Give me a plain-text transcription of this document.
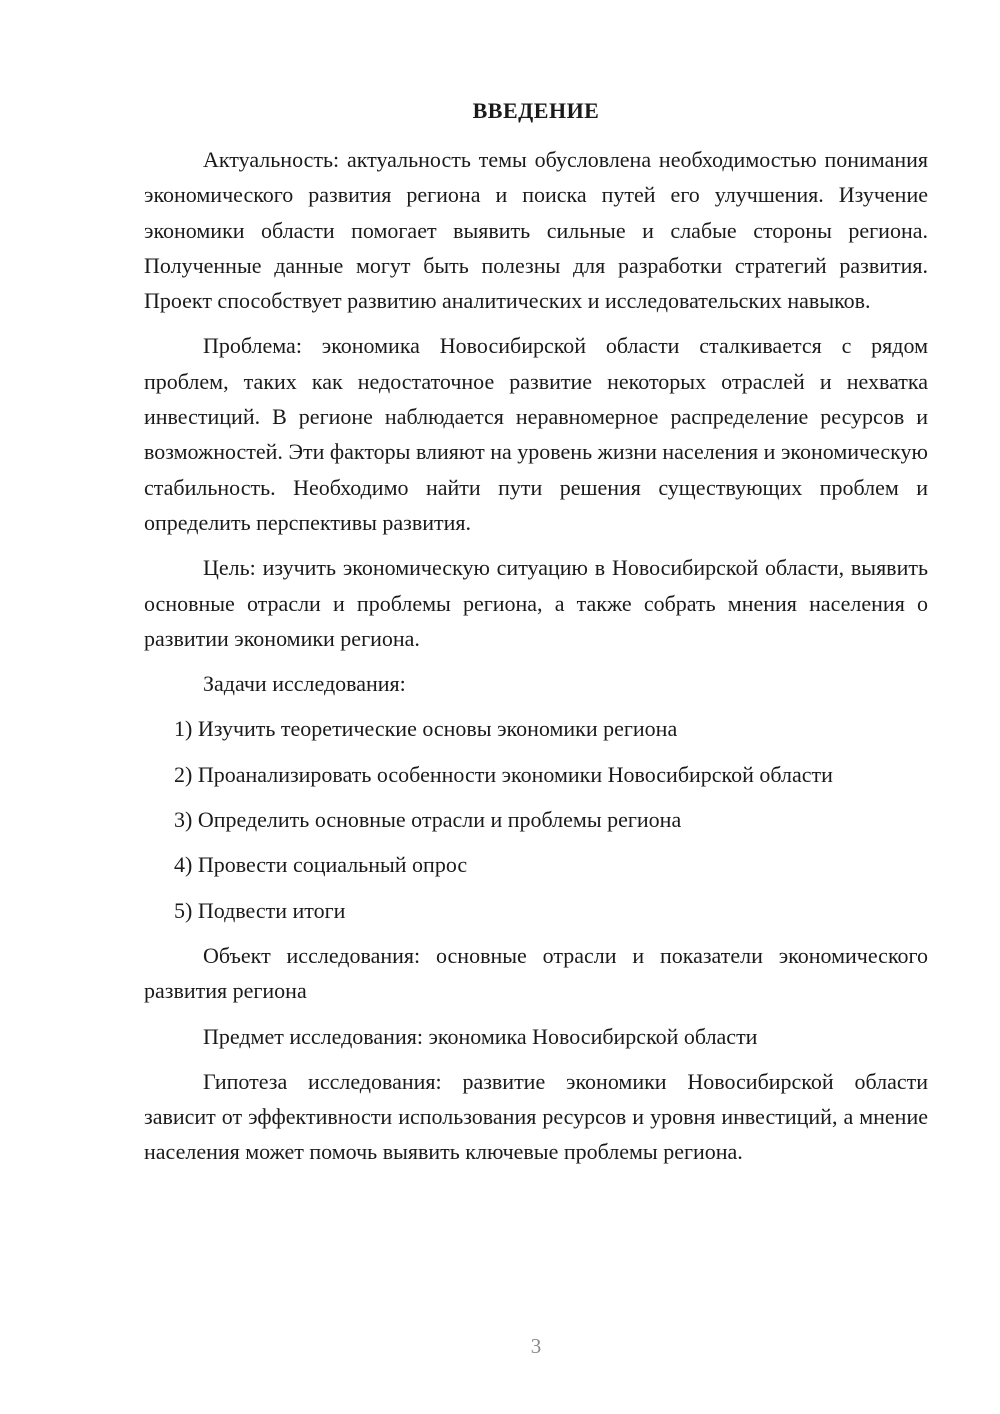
ВВЕДЕНИЕ

Актуальность: актуальность темы обусловлена необходимостью понимания экономического развития региона и поиска путей его улучшения. Изучение экономики области помогает выявить сильные и слабые стороны региона. Полученные данные могут быть полезны для разработки стратегий развития. Проект способствует развитию аналитических и исследовательских навыков.

Проблема: экономика Новосибирской области сталкивается с рядом проблем, таких как недостаточное развитие некоторых отраслей и нехватка инвестиций. В регионе наблюдается неравномерное распределение ресурсов и возможностей. Эти факторы влияют на уровень жизни населения и экономическую стабильность. Необходимо найти пути решения существующих проблем и определить перспективы развития.

Цель: изучить экономическую ситуацию в Новосибирской области, выявить основные отрасли и проблемы региона, а также собрать мнения населения о развитии экономики региона.

Задачи исследования:

1) Изучить теоретические основы экономики региона

2) Проанализировать особенности экономики Новосибирской области

3) Определить основные отрасли и проблемы региона

4) Провести социальный опрос

5) Подвести итоги

Объект исследования: основные отрасли и показатели экономического развития региона

Предмет исследования: экономика Новосибирской области

Гипотеза исследования: развитие экономики Новосибирской области зависит от эффективности использования ресурсов и уровня инвестиций, а мнение населения может помочь выявить ключевые проблемы региона.

3
